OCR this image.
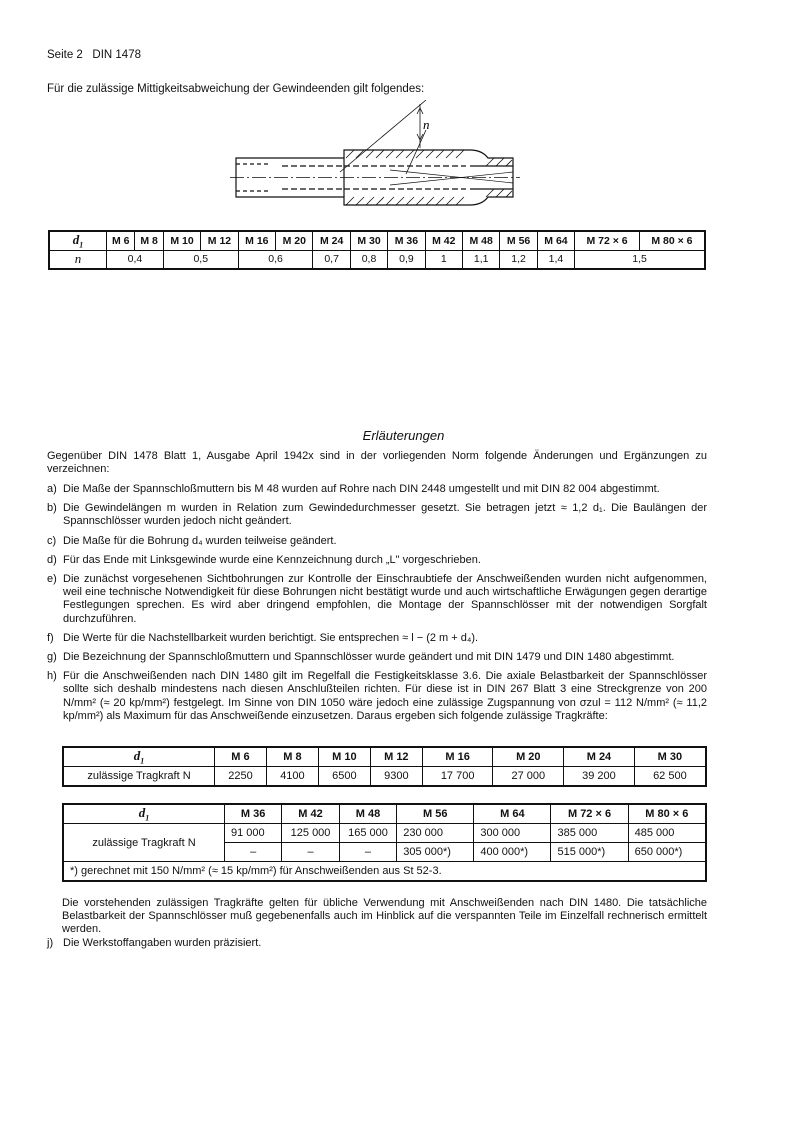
Seite 2 DIN 1478
Für die zulässige Mittigkeitsabweichung der Gewindeenden gilt folgendes:
n
$d_1$	M 6	M 8	M 10	M 12	M 16	M 20	M 24	M 30	M 36	M 42	M 48	M 56	M 64	M 72 × 6	M 80 × 6
n	0,4		0,5		0,6		0,7	0,8	0,9	1	1,1	1,2	1,4	1,5	
Erläuterungen

Gegenüber DIN 1478 Blatt 1, Ausgabe April 1942x sind in der vorliegenden Norm folgende Änderungen und Ergänzungen zu verzeichnen:

a) Die Maße der Spannschloßmuttern bis M 48 wurden auf Rohre nach DIN 2448 umgestellt und mit DIN 82 004 abgestimmt.
b) Die Gewindelängen m wurden in Relation zum Gewindedurchmesser gesetzt. Sie betragen jetzt ≈ 1,2 d₁. Die Baulängen der Spannschlösser wurden jedoch nicht geändert.
c) Die Maße für die Bohrung d₄ wurden teilweise geändert.
d) Für das Ende mit Linksgewinde wurde eine Kennzeichnung durch „L" vorgeschrieben.
e) Die zunächst vorgesehenen Sichtbohrungen zur Kontrolle der Einschraubtiefe der Anschweißenden wurden nicht aufgenommen, weil eine technische Notwendigkeit für diese Bohrungen nicht bestätigt wurde und auch wirtschaftliche Erwägungen gegen derartige Festlegungen sprechen. Es wird aber dringend empfohlen, die Montage der Spannschlösser mit der notwendigen Sorgfalt durchzuführen.
f) Die Werte für die Nachstellbarkeit wurden berichtigt. Sie entsprechen ≈ l − (2 m + d₄).
g) Die Bezeichnung der Spannschloßmuttern und Spannschlösser wurde geändert und mit DIN 1479 und DIN 1480 abgestimmt.
h) Für die Anschweißenden nach DIN 1480 gilt im Regelfall die Festigkeitsklasse 3.6. Die axiale Belastbarkeit der Spannschlösser sollte sich deshalb mindestens nach diesen Anschlußteilen richten. Für diese ist in DIN 267 Blatt 3 eine Streckgrenze von 200 N/mm² (≈ 20 kp/mm²) festgelegt. Im Sinne von DIN 1050 wäre jedoch eine zulässige Zugspannung von σzul = 112 N/mm² (≈ 11,2 kp/mm²) als Maximum für das Anschweißende einzusetzen. Daraus ergeben sich folgende zulässige Tragkräfte:
$d_1$	M 6	M 8	M 10	M 12	M 16	M 20	M 24	M 30
zulässige Tragkraft N	2250	4100	6500	9300	17 700	27 000	39 200	62 500
$d_1$	M 36	M 42	M 48	M 56	M 64	M 72 × 6	M 80 × 6
zulässige Tragkraft N	91 000	125 000	165 000	230 000	300 000	385 000	485 000
	–	–	–	305 000*)	400 000*)	515 000*)	650 000*)
*) gerechnet mit 150 N/mm² (≈ 15 kp/mm²) für Anschweißenden aus St 52-3.							
Die vorstehenden zulässigen Tragkräfte gelten für übliche Verwendung mit Anschweißenden nach DIN 1480. Die tatsächliche Belastbarkeit der Spannschlösser muß gegebenenfalls auch im Hinblick auf die verspannten Teile im Einzelfall rechnerisch ermittelt werden.
j) Die Werkstoffangaben wurden präzisiert.
